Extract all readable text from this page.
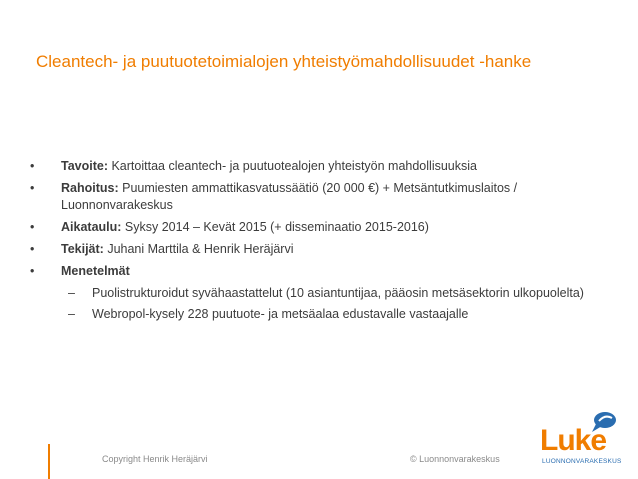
Cleantech- ja puutuotetoimialojen yhteistyömahdollisuudet -hanke
• Tavoite: Kartoittaa cleantech- ja puutuotealojen yhteistyön mahdollisuuksia
• Rahoitus: Puumiesten ammattikasvatussäätiö (20 000 €) + Metsäntutkimuslaitos / Luonnonvarakeskus
• Aikataulu: Syksy 2014 – Kevät 2015 (+ disseminaatio 2015-2016)
• Tekijät: Juhani Marttila & Henrik Heräjärvi
• Menetelmät
– Puolistrukturoidut syvähaastattelut (10 asiantuntijaa, pääosin metsäsektorin ulkopuolelta)
– Webropol-kysely 228 puutuote- ja metsäalaa edustavalle vastaajalle
Copyright Henrik Heräjärvi	© Luonnonvarakeskus
Luke
LUONNONVARAKESKUS
